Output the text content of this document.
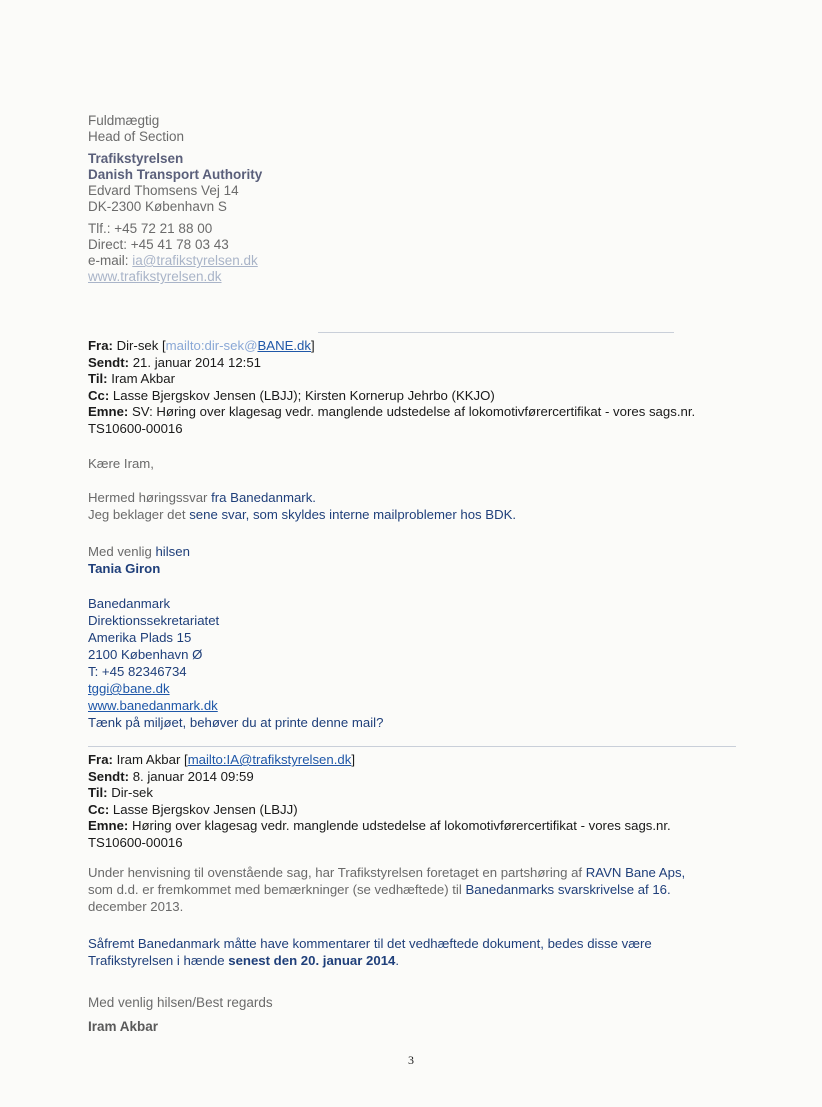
Fuldmægtig
Head of Section
Trafikstyrelsen
Danish Transport Authority
Edvard Thomsens Vej 14
DK-2300 København S
Tlf.: +45 72 21 88 00
Direct: +45 41 78 03 43
e-mail: ia@trafikstyrelsen.dk
www.trafikstyrelsen.dk
Fra: Dir-sek [mailto:dir-sek@BANE.dk]
Sendt: 21. januar 2014 12:51
Til: Iram Akbar
Cc: Lasse Bjergskov Jensen (LBJJ); Kirsten Kornerup Jehrbo (KKJO)
Emne: SV: Høring over klagesag vedr. manglende udstedelse af lokomotivførercertifikat - vores sags.nr.
TS10600-00016
Kære Iram,

Hermed høringssvar fra Banedanmark.

Jeg beklager det sene svar, som skyldes interne mailproblemer hos BDK.

Med venlig hilsen
Tania Giron
Banedanmark
Direktionssekretariatet
Amerika Plads 15
2100 København Ø
T: +45 82346734
tggi@bane.dk
www.banedanmark.dk
Tænk på miljøet, behøver du at printe denne mail?
Fra: Iram Akbar [mailto:IA@trafikstyrelsen.dk]
Sendt: 8. januar 2014 09:59
Til: Dir-sek
Cc: Lasse Bjergskov Jensen (LBJJ)
Emne: Høring over klagesag vedr. manglende udstedelse af lokomotivførercertifikat - vores sags.nr.
TS10600-00016

Under henvisning til ovenstående sag, har Trafikstyrelsen foretaget en partshøring af RAVN Bane Aps,

som d.d. er fremkommet med bemærkninger (se vedhæftede) til Banedanmarks svarskrivelse af 16.

december 2013.

Såfremt Banedanmark måtte have kommentarer til det vedhæftede dokument, bedes disse være

Trafikstyrelsen i hænde senest den 20. januar 2014.

Med venlig hilsen/Best regards
Iram Akbar
3
